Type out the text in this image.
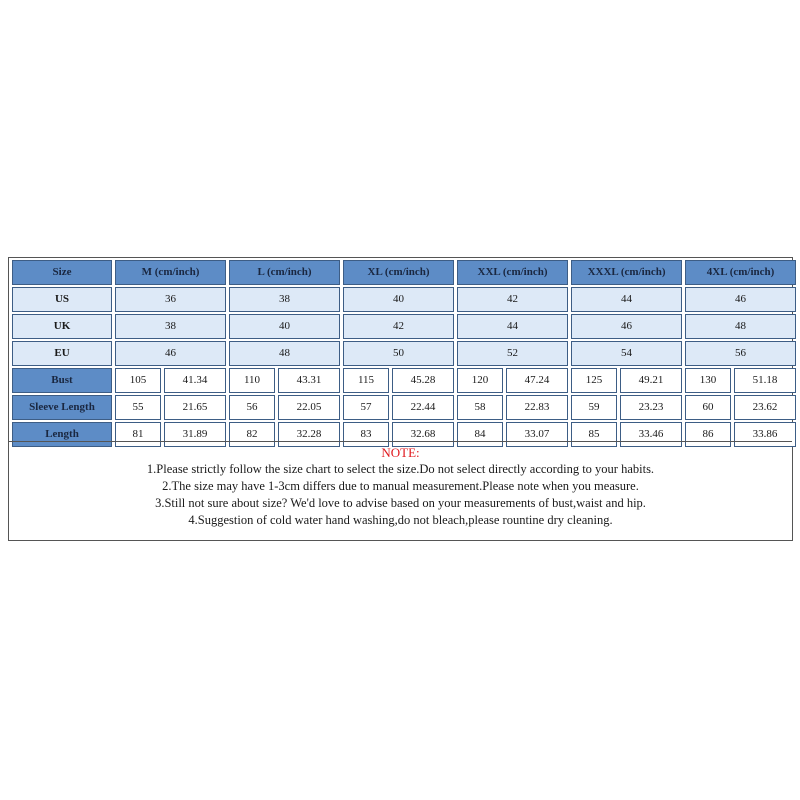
Size	M (cm/inch)		L (cm/inch)		XL (cm/inch)		XXL (cm/inch)		XXXL (cm/inch)		4XL (cm/inch)	
US	36		38		40		42		44		46	
UK	38		40		42		44		46		48	
EU	46		48		50		52		54		56	
Bust	105	41.34	110	43.31	115	45.28	120	47.24	125	49.21	130	51.18
Sleeve Length	55	21.65	56	22.05	57	22.44	58	22.83	59	23.23	60	23.62
Length	81	31.89	82	32.28	83	32.68	84	33.07	85	33.46	86	33.86
NOTE:
1.Please strictly follow the size chart to select the size.Do not select directly according to your habits.
2.The size may have 1-3cm differs due to manual measurement.Please note when you measure.
3.Still not sure about size? We'd love to advise based on your measurements of bust,waist and hip.
4.Suggestion of cold water hand washing,do not bleach,please rountine dry cleaning.
